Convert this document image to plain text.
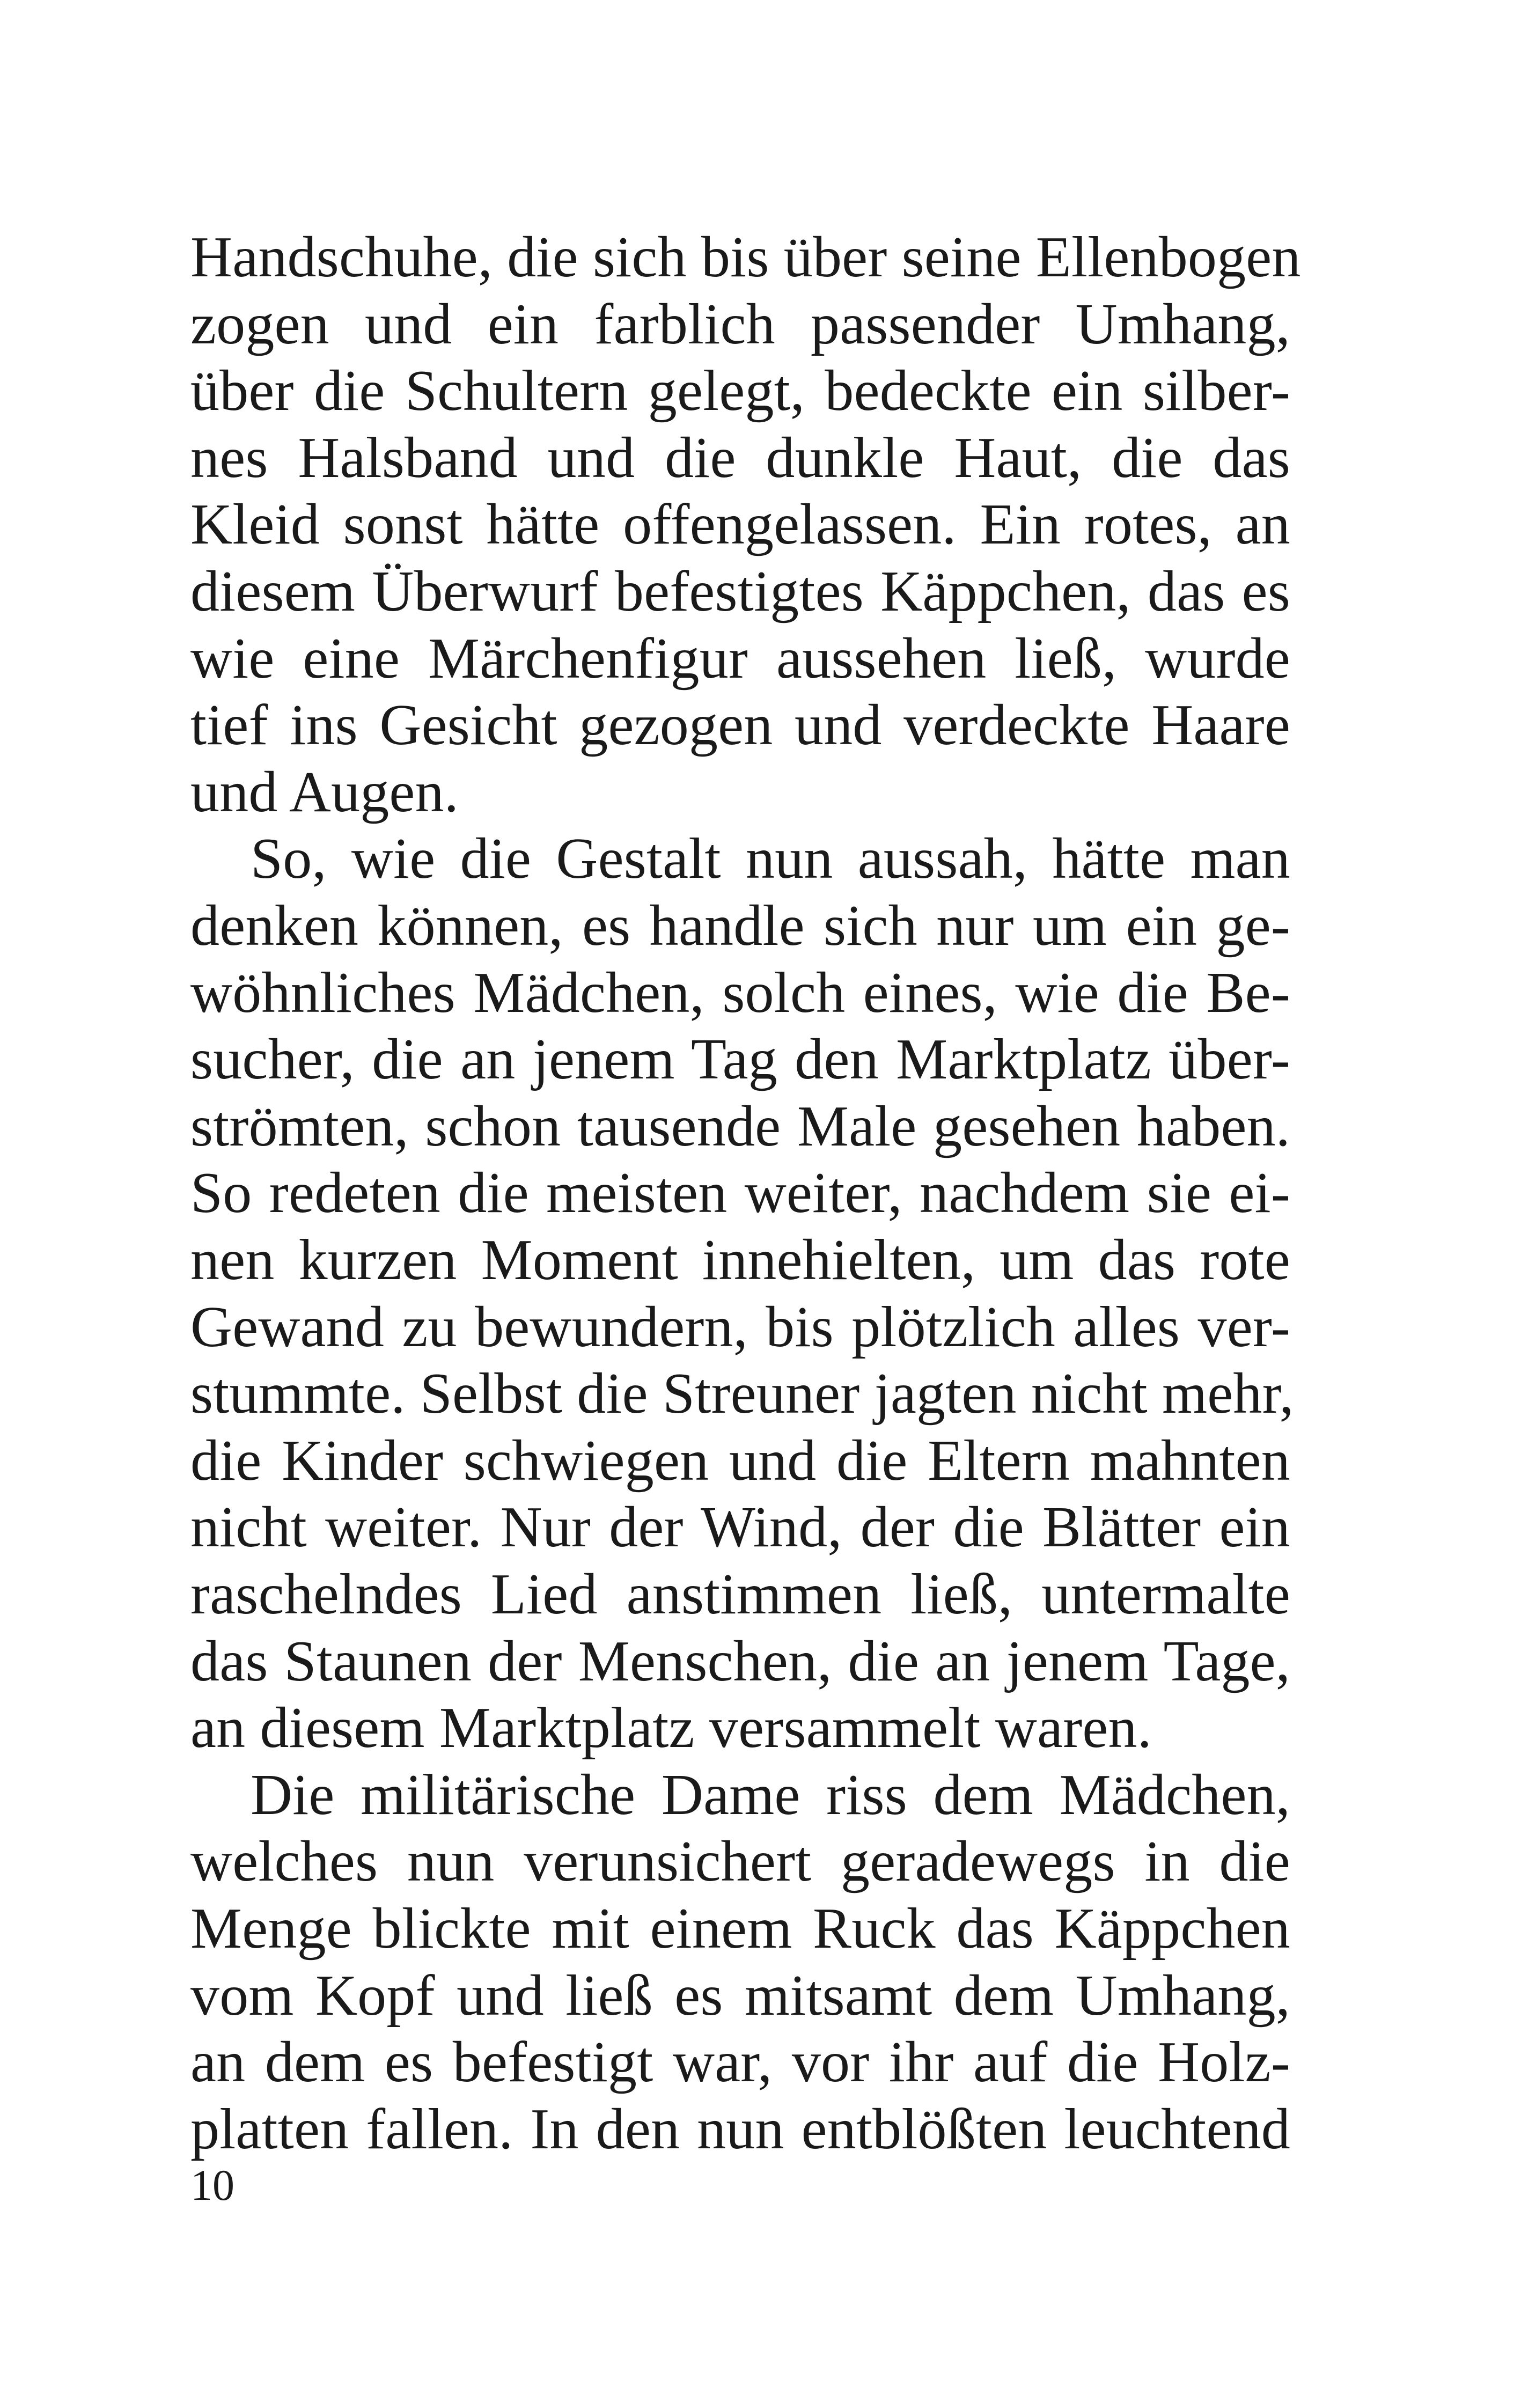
Handschuhe, die sich bis über seine Ellenbogen
zogen und ein farblich passender Umhang,
über die Schultern gelegt, bedeckte ein silber-
nes Halsband und die dunkle Haut, die das
Kleid sonst hätte offengelassen. Ein rotes, an
diesem Überwurf befestigtes Käppchen, das es
wie eine Märchenfigur aussehen ließ, wurde
tief ins Gesicht gezogen und verdeckte Haare
und Augen.
So, wie die Gestalt nun aussah, hätte man
denken können, es handle sich nur um ein ge-
wöhnliches Mädchen, solch eines, wie die Be-
sucher, die an jenem Tag den Marktplatz über-
strömten, schon tausende Male gesehen haben.
So redeten die meisten weiter, nachdem sie ei-
nen kurzen Moment innehielten, um das rote
Gewand zu bewundern, bis plötzlich alles ver-
stummte. Selbst die Streuner jagten nicht mehr,
die Kinder schwiegen und die Eltern mahnten
nicht weiter. Nur der Wind, der die Blätter ein
raschelndes Lied anstimmen ließ, untermalte
das Staunen der Menschen, die an jenem Tage,
an diesem Marktplatz versammelt waren.
Die militärische Dame riss dem Mädchen,
welches nun verunsichert geradewegs in die
Menge blickte mit einem Ruck das Käppchen
vom Kopf und ließ es mitsamt dem Umhang,
an dem es befestigt war, vor ihr auf die Holz-
platten fallen. In den nun entblößten leuchtend
10
